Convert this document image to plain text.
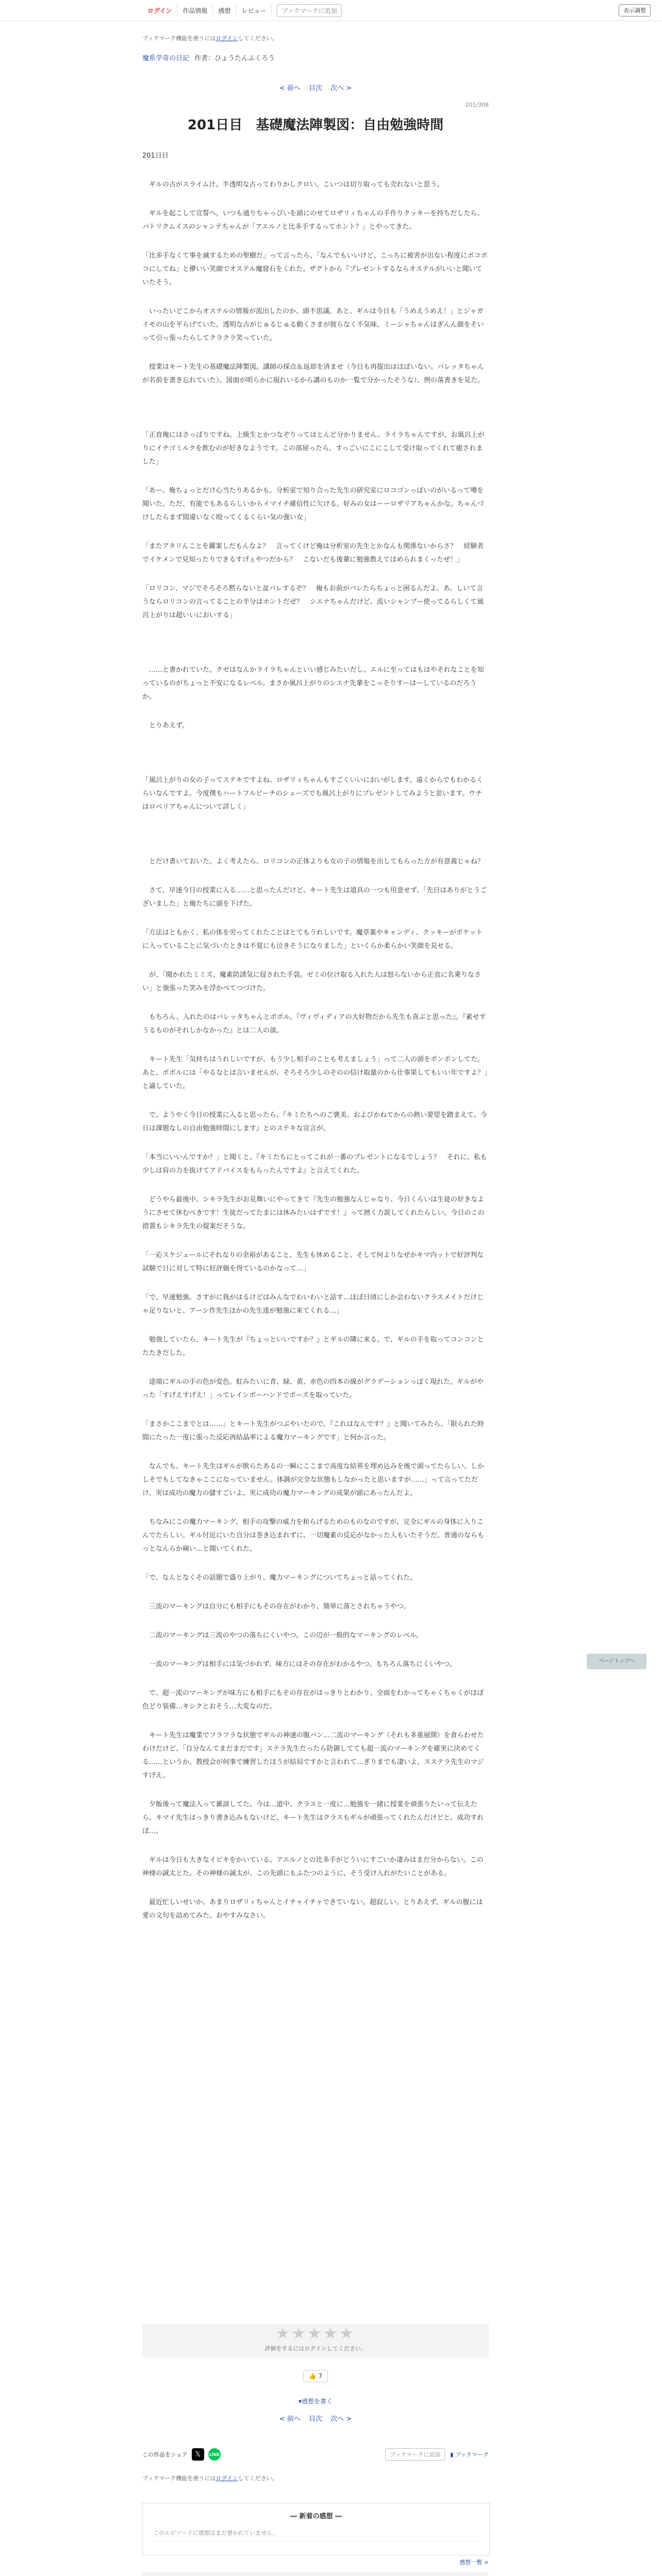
ログイン	作品情報	感想	レビュー	ブックマークに追加	表示調整
ブックマーク機能を使うにはログインしてください。
魔系学奇の日記 作者：ひょうたんふくろう
< 前へ 目次 次へ >
201/308
201日目　基礎魔法陣製図：自由勉強時間

201日目

　ギルの古がスライム汁。半透明な古ってわりかしクロい。こいつは切り取っても売れないと思う。

　ギルを起こして宣誓へ。いつも通りちゃっぴいを頭にのせてロザリィちゃんの手作りクッキーを持ちだしたら、パトリクムイスのシャンテちゃんが「アエルノと比多手するってホント？」とやってきた。

「比多手なくて事を滅するための聖樹だ」って言ったら、「なんでもいいけど、こっちに被害が出ない程度にボコボコにしてね」と儚いい笑顔でオステル魔窟石をくれた。ザグトから『プレゼントするならオステルがいいと聞いていたそう。

　いったいどこからオステルの情報が流出したのか。頭不思議。あと、ギルは今日も「うめえうめえ！」とジャガイモの山を平らげていた。透明な古がじゅるじゅる動くさまが彼らなく不気味。ミーシャちゃんはぎんん顔をそいって引っ張ったらしてクラクラ笑っていた。

　授業はキート先生の基礎魔法陣製図。講師の採点＆返却を済ませ（今日も再提出はほぼいない。パレッタちゃんが名前を書き忘れていた）、図面が明らかに現れいるから講のものか一覧で分かったそうな）、例の落書きを見た。

「正直俺にはさっぱりですね。上級生とかつなぞりってはとんど分かりません。ライラちゃんですが、お風呂上がりにイチゴミルクを飲むのが好きなようです。この部屋ったら、すっごいにこにこして受け取ってくれて癒されました」

「あー、俺ちょっとだけ心当たりあるかも。分析室で知り合った先生の研究室にロコゴンっぽいのがいるって噂を聞いた。ただ、有能でもあるらしいからイマイチ確信性に欠ける。好みの女はーーロザリアちゃんかな。ちゃんづけしたらまず間違いなく殴ってくるくらい気の強い女」

「またアタリんことを躍案しだもんなよ？　言ってくけど俺は分析室の先生とかなんも関係ないからさ？　経験者でイケメンで見知ったりできるすげぇやつだから？　こないだも後輩に勉強教えてほめられまくったぜ！」

「ロリコン、マジでそろそろ黙らないと盆パレするぞ？　俺もお前がバレたらちょっと困るんだよ。あ、しいて言うならロリコンの言ってることの半分はホントだぜ？　シエナちゃんだけど、流いシャンプー使ってるらしくて風呂上がりは超いいにおいする」

　……と書かれていた。クゼはなんかライラちゃんといい感じみたいだし、エルに至ってはもはやそれなことを知っているのがちょっと不安になるレベル。まさか風呂上がりのシエナ先輩をこっそりすーはーしているのだろうか。

　とりあえず。

「風呂上がりの女の子ってステキですよね。ロザリィちゃんもすごくいいにおいがします。遠くからでもわかるくらいなんですよ。今度僕もハートフルビーチのシューズでも風呂上がりにプレゼントしてみようと思います。ウチはロベリアちゃんについて詳しく」

　とだけ書いておいた。よく考えたら、ロリコンの正体よりも女の子の情報を出してもらった方が有意義じゃね？

　さて、早速今日の授業に入る……と思ったんだけど、キート先生は道具の一つも用意せず、「先日はありがとうございました」と俺たちに頭を下げた。

「方法はともかく、私の体を労ってくれたことはとてもうれしいです。魔草薬やキャンディ、クッキーがポケットに入っていることに気づいたときは不覚にも泣きそうになりました」といくらか柔らかい笑顔を見せる。

　が、「聞かれたミミズ、魔素防誘気に侵された手袋。ゼミの位け取る入れた人は怒らないから正直に名乗りなさい」と強張った笑みを浮かべてつづけた。

　もちろん、入れたのはパレッタちゃんとポポル。『ヴィヴィディアの大好物だから先生も喜ぶと思った』。『素せすうるものがそれしかなかった』とは二人の談。

　キート先生「気持ちはうれしいですが、もう少し相手のことも考えましょう」って二人の頭をポンポンしてた。あと、ポポルには「やるなとは言いませんが、そろそろ少しのそのの信け取量のから仕事果してもいい年ですよ？」と諭していた。

　で、ようやく今日の授業に入ると思ったら、『キミたちへのご褒美、およびかねてからの熱い要望を踏まえて、今日は課題なしの自由勉強時間にします』とのステキな宣言が。

「本当にいいんですか？」と聞くと、『キミたちにとってこれが一番のプレゼントになるでしょう？　それに、私も少しは肩の力を抜けてアドバイスをもらったんですよ』と言えてくれた。

　どうやら最後中、シキラ先生がお見舞いにやってきて『先生の勉強なんじゃなり、今日くらいは生徒の好きなようにさせて休むべきです！生徒だってたまには休みたいはずです！』って熱く力説してくれたらしい。今日のこの措置もシキラ先生の提案だそうな。

「一応スケジュールにそれなりの余裕があること、先生も休めること、そして何よりなぜかキマ内ットで好評判な試験で日に対して特に好評価を得ているのかなって…」

「で、早速勉強。さすがに我がはるけどはみんなでわいわいと話す…ほぼ日頃にしか会わないクラスメイトだけじゃ足りないと、アーシ作先生ほかの先生達が勉強に来てくれる…」

　勉強していたら、キート先生が『ちょっといいですか？』とギルの隣に来る。で、ギルの手を取ってコンコンとたたきだした。

　途端にギルの手の色が変色。虹みたいに青、緑、黄、赤色の四本の線がグラデーションっぽく現れた。ギルがやった「すげえすげえ！」ってレインボーハンドでポーズを取っていた。

「まさかここまでとは……」とキート先生がつぶやいたので、『これはなんです？』と聞いてみたら、「限られた時間にたった一度に張った反応再結晶率による魔力マーキングです」と何か言った。

　なんでも、キート先生はギルが飲らたあるの一瞬にここまで高度な結界を埋め込みを後で頭ってたらしい。しかしそでもしてなきゃここになっていません。体調が完全な状態もしなかったと思いますが……」って言ってただけ、実は成功の魔力の儲すごいよ。実に成功の魔力マーキングの成果が頭にあったんだよ。

　ちなみにこの魔力マーキング、相手の攻撃の威力を和らげるためのものなのですが、完全にギルの身体に入りこんでたらしい。ギル付近にいた自分は巻き込まれずに、一切魔素の反応がなかった人もいたそうだ。普通のならもっとなんらか痛い…と聞いてくれた。

「で、なんとなくその話題で盛り上がり、魔力マーキングについてちょっと話ってくれた。

　三流のマーキングは自分にも相手にもその存在がわかり、簡単に落とされちゃうやつ。

　二流のマーキングは三流のやつの落ちにくいやつ。この辺が一般的なマーキングのレベル。

　一流のマーキングは相手には気づかれず、味方にはその存在がわかるやつ。もちろん落ちにくいやつ。

　で、超一流のマーキングが味方にも相手にもその存在がはっきりとわかり、全面をわかってちゃくちゃくがほぼ色どり装備…キシクとおそう…大変なのだ。

　キート先生は魔業でフラフラな状態でギルの神速の腹パン…二流のマーキング（それも多重展開）を食らわせたわけだけど、「自分なんてまだまだです」ステラ先生だったら防御してても超一流のマーキングを確実に決めてくる……というか、教授会が何事で練習したほうが結局ですかと言われて…ぎりまでも凄いよ、スステラ先生のマジすげえ。

　夕飯後って魔法入って雑談してた。今は…道中、クラスと一度に…勉強を一緒に授業を頑張りたいって伝えたら、キマイ先生はっきり書き込みもないけど、キート先生はクラスもギルが頑張ってくれたんだけどと。成功すれば…。

　ギルは今日も大きなイビキをかいている。アエルノとの比多手がどういにすごいか凄みはまだ分からない。この神様の誠太とた。その神様の誠太が、この先頭にもふたつのように、そう受け入れがたいことがある。

　最近忙しいせいか、あまりロザリィちゃんとイチャイチャできていない。超寂しい。とりあえず、ギルの腹には愛の文句を詰めてみた。おやすみなさい。

★★★★★
評価をするにはログインしてください。
👍 7
▾感想を書く
< 前へ 目次 次へ >
この作品をシェア	𝕏	LINE	ブックマークに追加	▮ ブックマーク
ブックマーク機能を使うにはログインしてください。
― 新着の感想 ―
このエピソードに感想はまだ書かれていません。
感想一覧 >
ページトップへ
